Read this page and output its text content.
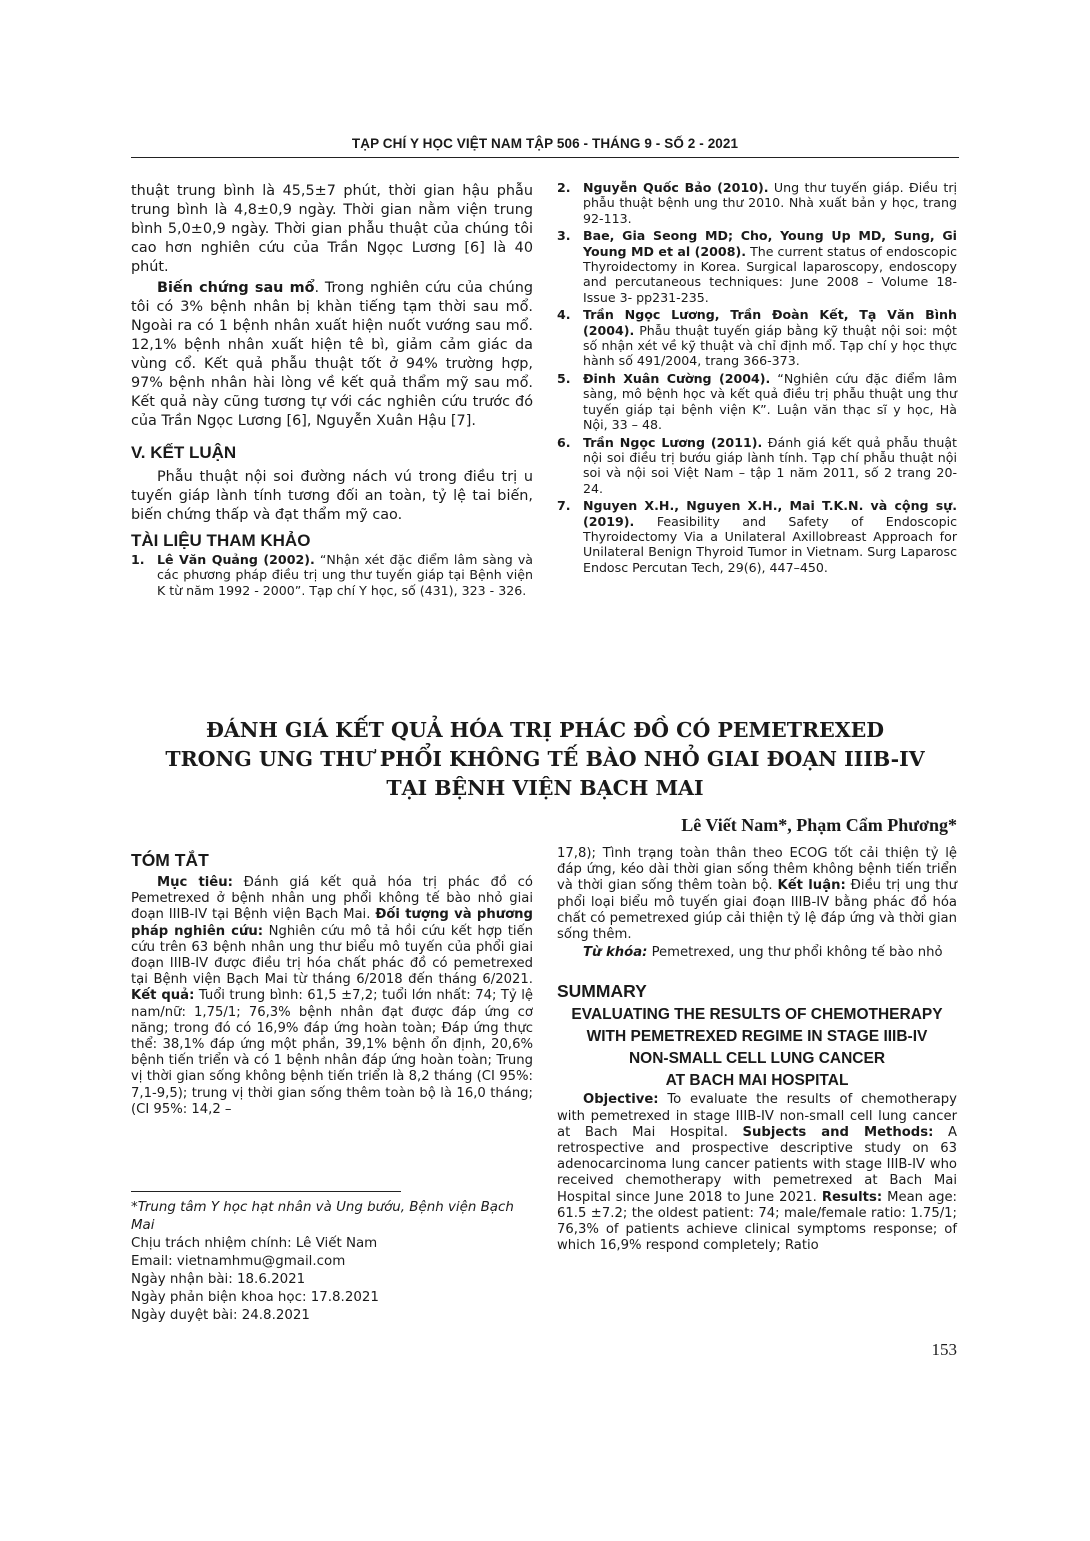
TẠP CHÍ Y HỌC VIỆT NAM TẬP 506 - THÁNG 9 - SỐ 2 - 2021
thuật trung bình là 45,5±7 phút, thời gian hậu phẫu trung bình là 4,8±0,9 ngày. Thời gian nằm viện trung bình 5,0±0,9 ngày. Thời gian phẫu thuật của chúng tôi cao hơn nghiên cứu của Trần Ngọc Lương [6] là 40 phút.
Biến chứng sau mổ. Trong nghiên cứu của chúng tôi có 3% bệnh nhân bị khàn tiếng tạm thời sau mổ. Ngoài ra có 1 bệnh nhân xuất hiện nuốt vướng sau mổ. 12,1% bệnh nhân xuất hiện tê bì, giảm cảm giác da vùng cổ. Kết quả phẫu thuật tốt ở 94% trường hợp, 97% bệnh nhân hài lòng về kết quả thẩm mỹ sau mổ. Kết quả này cũng tương tự với các nghiên cứu trước đó của Trần Ngọc Lương [6], Nguyễn Xuân Hậu [7].
V. KẾT LUẬN
Phẫu thuật nội soi đường nách vú trong điều trị u tuyến giáp lành tính tương đối an toàn, tỷ lệ tai biến, biến chứng thấp và đạt thẩm mỹ cao.
TÀI LIỆU THAM KHẢO
1. Lê Văn Quảng (2002). “Nhận xét đặc điểm lâm sàng và các phương pháp điều trị ung thư tuyến giáp tại Bệnh viện K từ năm 1992 - 2000”. Tạp chí Y học, số (431), 323 - 326.
2. Nguyễn Quốc Bảo (2010). Ung thư tuyến giáp. Điều trị phẫu thuật bệnh ung thư 2010. Nhà xuất bản y học, trang 92-113.
3. Bae, Gia Seong MD; Cho, Young Up MD, Sung, Gi Young MD et al (2008). The current status of endoscopic Thyroidectomy in Korea. Surgical laparoscopy, endoscopy and percutaneous techniques: June 2008 – Volume 18- Issue 3- pp231-235.
4. Trần Ngọc Lương, Trần Đoàn Kết, Tạ Văn Bình (2004). Phẫu thuật tuyến giáp bằng kỹ thuật nội soi: một số nhận xét về kỹ thuật và chỉ định mổ. Tạp chí y học thực hành số 491/2004, trang 366-373.
5. Đinh Xuân Cường (2004). “Nghiên cứu đặc điểm lâm sàng, mô bệnh học và kết quả điều trị phẫu thuật ung thư tuyến giáp tại bệnh viện K”. Luận văn thạc sĩ y học, Hà Nội, 33 – 48.
6. Trần Ngọc Lương (2011). Đánh giá kết quả phẫu thuật nội soi điều trị bướu giáp lành tính. Tạp chí phẫu thuật nội soi và nội soi Việt Nam – tập 1 năm 2011, số 2 trang 20-24.
7. Nguyen X.H., Nguyen X.H., Mai T.K.N. và cộng sự. (2019). Feasibility and Safety of Endoscopic Thyroidectomy Via a Unilateral Axillobreast Approach for Unilateral Benign Thyroid Tumor in Vietnam. Surg Laparosc Endosc Percutan Tech, 29(6), 447–450.
ĐÁNH GIÁ KẾT QUẢ HÓA TRỊ PHÁC ĐỒ CÓ PEMETREXED
TRONG UNG THƯ PHỔI KHÔNG TẾ BÀO NHỎ GIAI ĐOẠN IIIB-IV
TẠI BỆNH VIỆN BẠCH MAI
Lê Viết Nam*, Phạm Cẩm Phương*
TÓM TẮT
Mục tiêu: Đánh giá kết quả hóa trị phác đồ có Pemetrexed ở bệnh nhân ung phổi không tế bào nhỏ giai đoạn IIIB-IV tại Bệnh viện Bạch Mai. Đối tượng và phương pháp nghiên cứu: Nghiên cứu mô tả hồi cứu kết hợp tiến cứu trên 63 bệnh nhân ung thư biểu mô tuyến của phổi giai đoạn IIIB-IV được điều trị hóa chất phác đồ có pemetrexed tại Bệnh viện Bạch Mai từ tháng 6/2018 đến tháng 6/2021. Kết quả: Tuổi trung bình: 61,5 ±7,2; tuổi lớn nhất: 74; Tỷ lệ nam/nữ: 1,75/1; 76,3% bệnh nhân đạt được đáp ứng cơ năng; trong đó có 16,9% đáp ứng hoàn toàn; Đáp ứng thực thể: 38,1% đáp ứng một phần, 39,1% bệnh ổn định, 20,6% bệnh tiến triển và có 1 bệnh nhân đáp ứng hoàn toàn; Trung vị thời gian sống không bệnh tiến triển là 8,2 tháng (CI 95%: 7,1-9,5); trung vị thời gian sống thêm toàn bộ là 16,0 tháng; (CI 95%: 14,2 –
*Trung tâm Y học hạt nhân và Ung bướu, Bệnh viện Bạch Mai
Chịu trách nhiệm chính: Lê Viết Nam
Email: vietnamhmu@gmail.com
Ngày nhận bài: 18.6.2021
Ngày phản biện khoa học: 17.8.2021
Ngày duyệt bài: 24.8.2021
17,8); Tình trạng toàn thân theo ECOG tốt cải thiện tỷ lệ đáp ứng, kéo dài thời gian sống thêm không bệnh tiến triển và thời gian sống thêm toàn bộ. Kết luận: Điều trị ung thư phổi loại biểu mô tuyến giai đoạn IIIB-IV bằng phác đồ hóa chất có pemetrexed giúp cải thiện tỷ lệ đáp ứng và thời gian sống thêm.
Từ khóa: Pemetrexed, ung thư phổi không tế bào nhỏ
SUMMARY
EVALUATING THE RESULTS OF CHEMOTHERAPY
WITH PEMETREXED REGIME IN STAGE IIIB-IV
NON-SMALL CELL LUNG CANCER
AT BACH MAI HOSPITAL
Objective: To evaluate the results of chemotherapy with pemetrexed in stage IIIB-IV non-small cell lung cancer at Bach Mai Hospital. Subjects and Methods: A retrospective and prospective descriptive study on 63 adenocarcinoma lung cancer patients with stage IIIB-IV who received chemotherapy with pemetrexed at Bach Mai Hospital since June 2018 to June 2021. Results: Mean age: 61.5 ±7.2; the oldest patient: 74; male/female ratio: 1.75/1; 76,3% of patients achieve clinical symptoms response; of which 16,9% respond completely; Ratio
153
